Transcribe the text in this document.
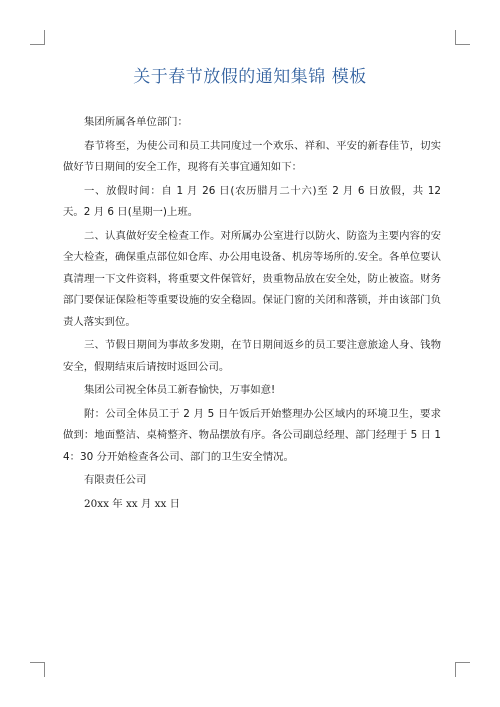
关于春节放假的通知集锦 模板

集团所属各单位部门：

春节将至，为使公司和员工共同度过一个欢乐、祥和、平安的新春佳节，切实做好节日期间的安全工作，现将有关事宜通知如下：

一、放假时间：自 1 月 26 日(农历腊月二十六)至 2 月 6 日放假，共 12 天。2 月 6 日(星期一)上班。

二、认真做好安全检查工作。对所属办公室进行以防火、防盗为主要内容的安全大检查，确保重点部位如仓库、办公用电设备、机房等场所的.安全。各单位要认真清理一下文件资料，将重要文件保管好，贵重物品放在安全处，防止被盗。财务部门要保证保险柜等重要设施的安全稳固。保证门窗的关闭和落锁，并由该部门负责人落实到位。

三、节假日期间为事故多发期，在节日期间返乡的员工要注意旅途人身、钱物安全，假期结束后请按时返回公司。

集团公司祝全体员工新春愉快，万事如意!

附：公司全体员工于 2 月 5 日午饭后开始整理办公区域内的环境卫生，要求做到：地面整洁、桌椅整齐、物品摆放有序。各公司副总经理、部门经理于 5 日 14：30 分开始检查各公司、部门的卫生安全情况。

有限责任公司

20xx 年 xx 月 xx 日
